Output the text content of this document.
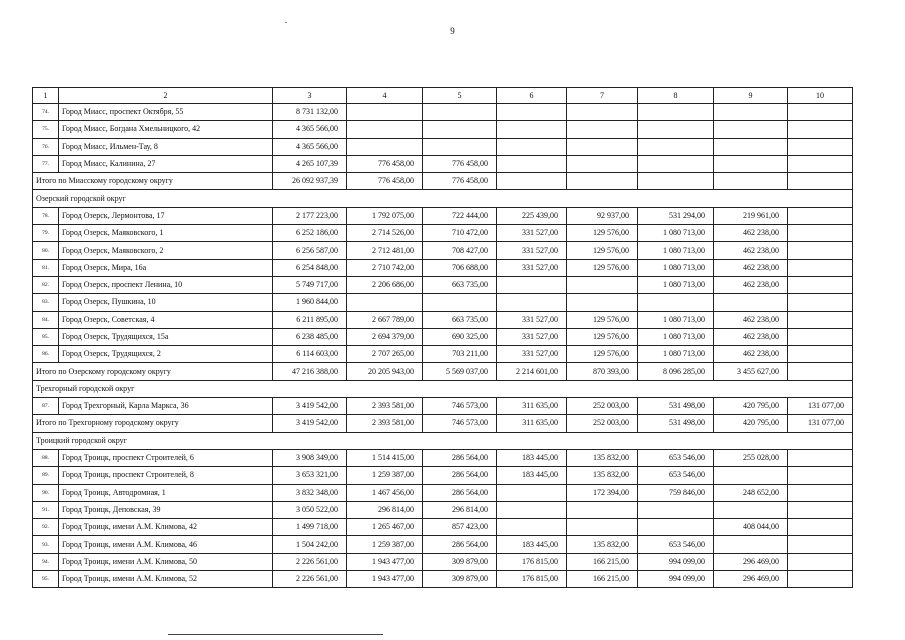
9
1	2	3	4	5	6	7	8	9	10
74.	Город Миасс, проспект Октября, 55	8 731 132,00							
75.	Город Миасс, Богдана Хмельницкого, 42	4 365 566,00							
76.	Город Миасс, Ильмен-Тау, 8	4 365 566,00							
77.	Город Миасс, Калинина, 27	4 265 107,39	776 458,00	776 458,00					
Итого по Миасскому городскому округу		26 092 937,39	776 458,00	776 458,00					
Озерский городской округ									
78.	Город Озерск, Лермонтова, 17	2 177 223,00	1 792 075,00	722 444,00	225 439,00	92 937,00	531 294,00	219 961,00	
79.	Город Озерск, Маяковского, 1	6 252 186,00	2 714 526,00	710 472,00	331 527,00	129 576,00	1 080 713,00	462 238,00	
80.	Город Озерск, Маяковского, 2	6 256 587,00	2 712 481,00	708 427,00	331 527,00	129 576,00	1 080 713,00	462 238,00	
81.	Город Озерск, Мира, 16а	6 254 848,00	2 710 742,00	706 688,00	331 527,00	129 576,00	1 080 713,00	462 238,00	
82.	Город Озерск, проспект Ленина, 10	5 749 717,00	2 206 686,00	663 735,00			1 080 713,00	462 238,00	
83.	Город Озерск, Пушкина, 10	1 960 844,00							
84.	Город Озерск, Советская, 4	6 211 895,00	2 667 789,00	663 735,00	331 527,00	129 576,00	1 080 713,00	462 238,00	
85.	Город Озерск, Трудящихся, 15а	6 238 485,00	2 694 379,00	690 325,00	331 527,00	129 576,00	1 080 713,00	462 238,00	
86.	Город Озерск, Трудящихся, 2	6 114 603,00	2 707 265,00	703 211,00	331 527,00	129 576,00	1 080 713,00	462 238,00	
Итого по Озерскому городскому округу		47 216 388,00	20 205 943,00	5 569 037,00	2 214 601,00	870 393,00	8 096 285,00	3 455 627,00	
Трехгорный городской округ									
87.	Город Трехгорный, Карла Маркса, 36	3 419 542,00	2 393 581,00	746 573,00	311 635,00	252 003,00	531 498,00	420 795,00	131 077,00
Итого по Трехгорному городскому округу		3 419 542,00	2 393 581,00	746 573,00	311 635,00	252 003,00	531 498,00	420 795,00	131 077,00
Троицкий городской округ									
88.	Город Троицк, проспект Строителей, 6	3 908 349,00	1 514 415,00	286 564,00	183 445,00	135 832,00	653 546,00	255 028,00	
89.	Город Троицк, проспект Строителей, 8	3 653 321,00	1 259 387,00	286 564,00	183 445,00	135 832,00	653 546,00		
90.	Город Троицк, Автодромная, 1	3 832 348,00	1 467 456,00	286 564,00		172 394,00	759 846,00	248 652,00	
91.	Город Троицк, Деповская, 39	3 050 522,00	296 814,00	296 814,00					
92.	Город Троицк, имени А.М. Климова, 42	1 499 718,00	1 265 467,00	857 423,00				408 044,00	
93.	Город Троицк, имени А.М. Климова, 46	1 504 242,00	1 259 387,00	286 564,00	183 445,00	135 832,00	653 546,00		
94.	Город Троицк, имени А.М. Климова, 50	2 226 561,00	1 943 477,00	309 879,00	176 815,00	166 215,00	994 099,00	296 469,00	
95.	Город Троицк, имени А.М. Климова, 52	2 226 561,00	1 943 477,00	309 879,00	176 815,00	166 215,00	994 099,00	296 469,00	
